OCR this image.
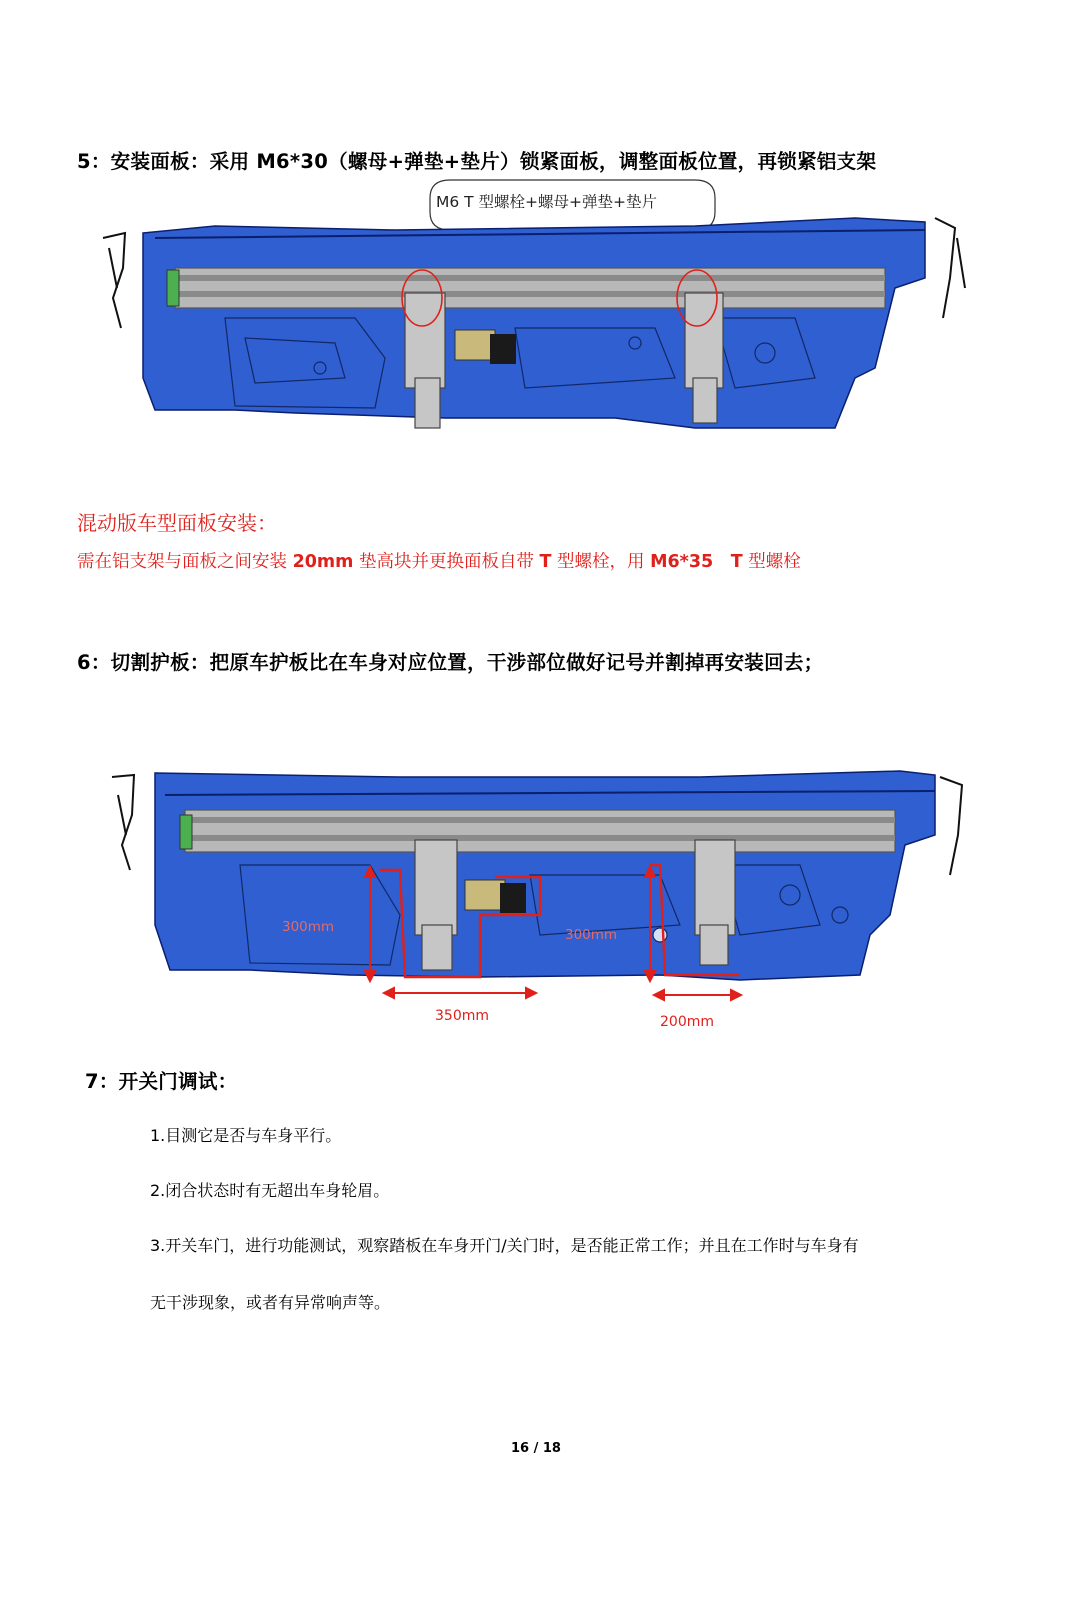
5：安装面板：采用 M6*30（螺母+弹垫+垫片）锁紧面板，调整面板位置，再锁紧铝支架
M6 T 型螺栓+螺母+弹垫+垫片
混动版车型面板安装：
需在铝支架与面板之间安装 20mm 垫高块并更换面板自带 T 型螺栓，用 M6*35　T 型螺栓
6：切割护板：把原车护板比在车身对应位置，干涉部位做好记号并割掉再安装回去；
300mm	300mm
350mm	200mm
7：开关门调试：
1.目测它是否与车身平行。
2.闭合状态时有无超出车身轮眉。
3.开关车门，进行功能测试，观察踏板在车身开门/关门时，是否能正常工作；并且在工作时与车身有
无干涉现象，或者有异常响声等。
16 / 18
